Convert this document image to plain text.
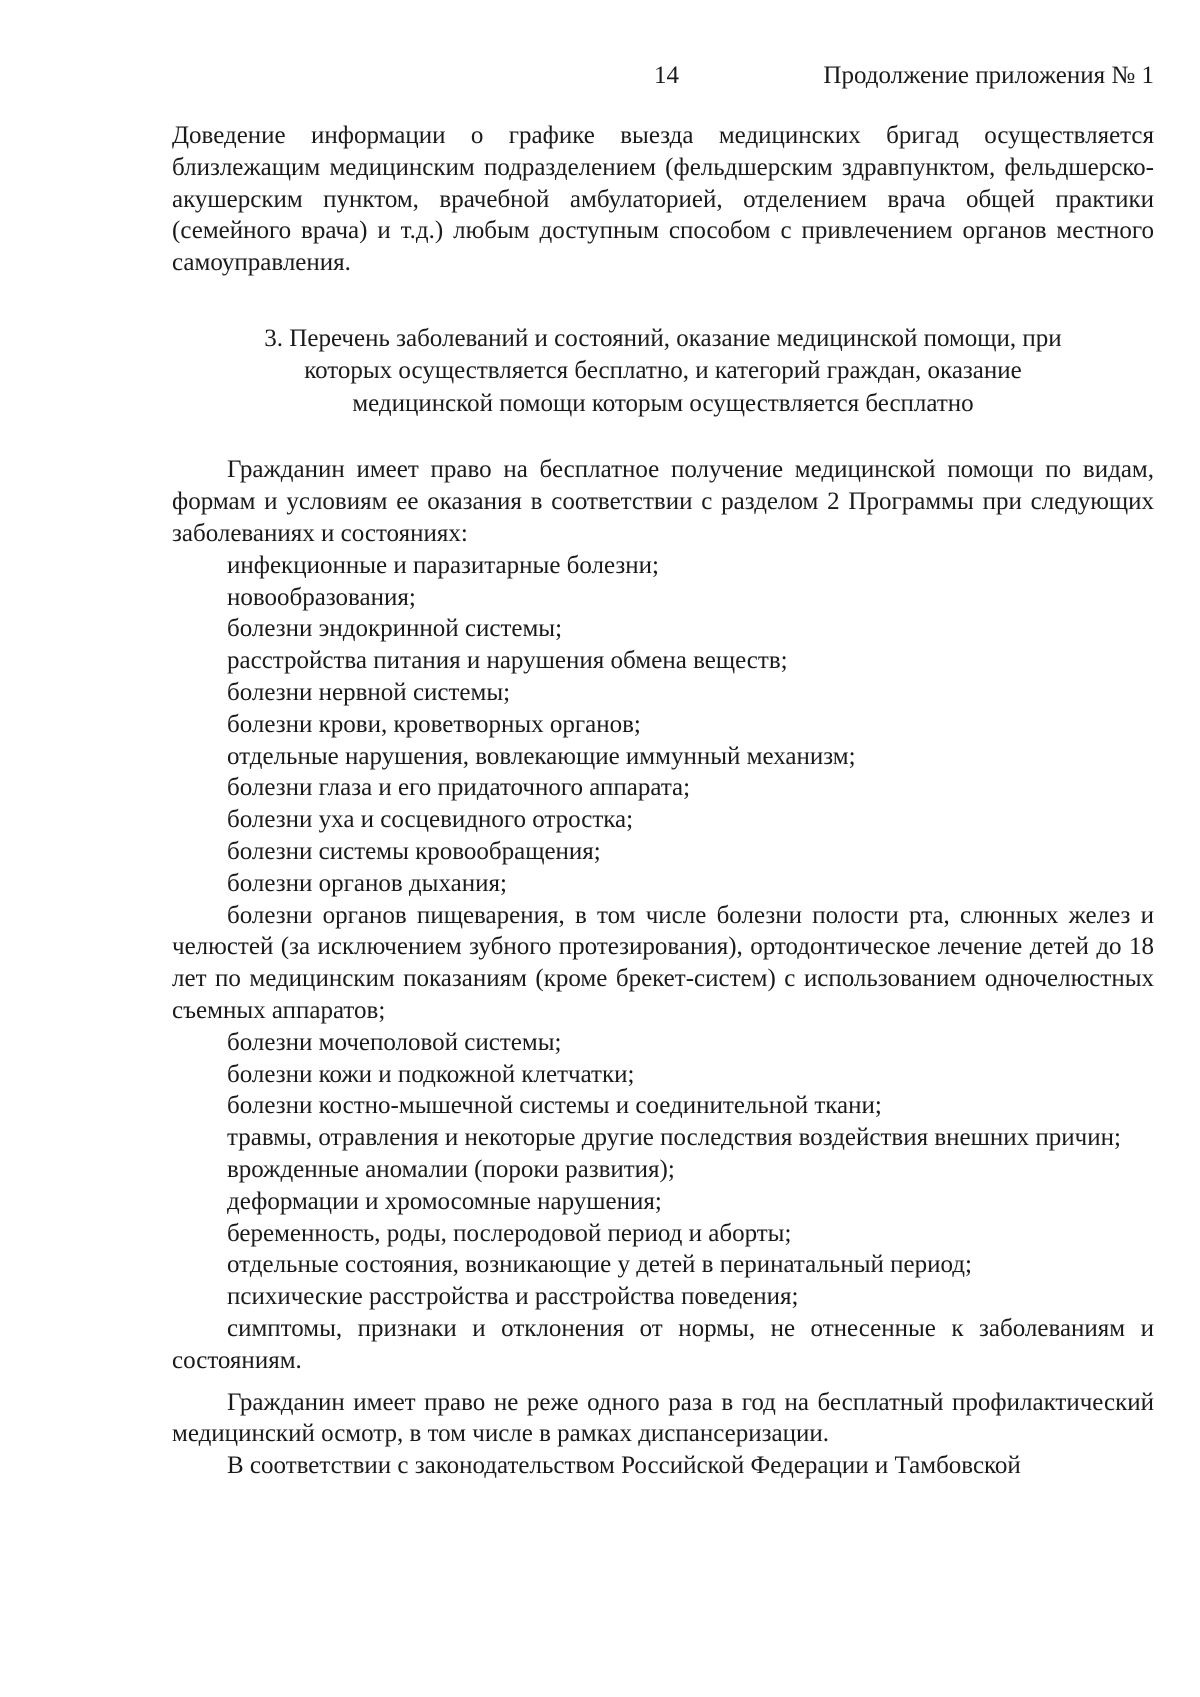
14	Продолжение приложения № 1

Доведение информации о графике выезда медицинских бригад осуществляется близлежащим медицинским подразделением (фельдшерским здравпунктом, фельдшерско-акушерским пунктом, врачебной амбулаторией, отделением врача общей практики (семейного врача) и т.д.) любым доступным способом с привлечением органов местного самоуправления.

3. Перечень заболеваний и состояний, оказание медицинской помощи, при которых осуществляется бесплатно, и категорий граждан, оказание медицинской помощи которым осуществляется бесплатно

Гражданин имеет право на бесплатное получение медицинской помощи по видам, формам и условиям ее оказания в соответствии с разделом 2 Программы при следующих заболеваниях и состояниях:

инфекционные и паразитарные болезни;
новообразования;
болезни эндокринной системы;
расстройства питания и нарушения обмена веществ;
болезни нервной системы;
болезни крови, кроветворных органов;
отдельные нарушения, вовлекающие иммунный механизм;
болезни глаза и его придаточного аппарата;
болезни уха и сосцевидного отростка;
болезни системы кровообращения;
болезни органов дыхания;
болезни органов пищеварения, в том числе болезни полости рта, слюнных желез и челюстей (за исключением зубного протезирования), ортодонтическое лечение детей до 18 лет по медицинским показаниям (кроме брекет-систем) с использованием одночелюстных съемных аппаратов;
болезни мочеполовой системы;
болезни кожи и подкожной клетчатки;
болезни костно-мышечной системы и соединительной ткани;
травмы, отравления и некоторые другие последствия воздействия внешних причин;
врожденные аномалии (пороки развития);
деформации и хромосомные нарушения;
беременность, роды, послеродовой период и аборты;
отдельные состояния, возникающие у детей в перинатальный период;
психические расстройства и расстройства поведения;
симптомы, признаки и отклонения от нормы, не отнесенные к заболеваниям и состояниям.

Гражданин имеет право не реже одного раза в год на бесплатный профилактический медицинский осмотр, в том числе в рамках диспансеризации.

В соответствии с законодательством Российской Федерации и Тамбовской
